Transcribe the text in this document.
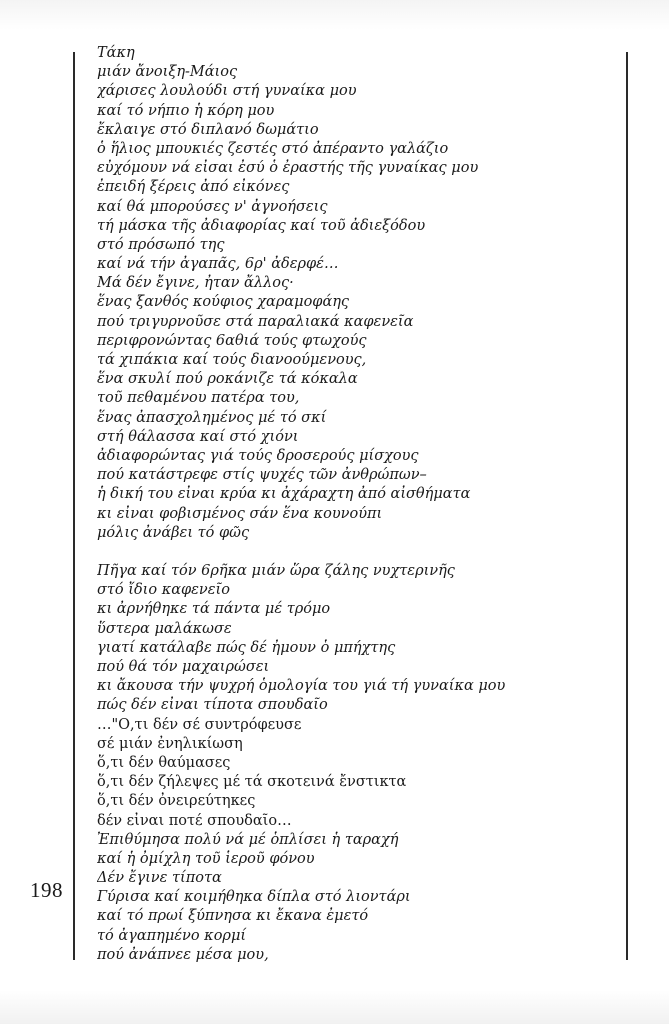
Τάκη
μιάν ἄνοιξη-Μάιος
χάρισες λουλούδι στή γυναίκα μου
καί τό νήπιο ἡ κόρη μου
ἔκλαιγε στό διπλανό δωμάτιο
ὁ ἥλιος μπουκιές ζεστές στό ἀπέραντο γαλάζιο
εὐχόμουν νά εἶσαι ἐσύ ὁ ἐραστής τῆς γυναίκας μου
ἐπειδή ξέρεις ἀπό εἰκόνες
καί θά μπορούσες ν' ἀγνοήσεις
τή μάσκα τῆς ἀδιαφορίας καί τοῦ ἀδιεξόδου
στό πρόσωπό της
καί νά τήν ἀγαπᾶς, 6ρ' ἀδερφέ…
Μά δέν ἔγινε, ἦταν ἄλλος·
ἕνας ξανθός κούφιος χαραμοφάης
πού τριγυρνοῦσε στά παραλιακά καφενεῖα
περιφρονώντας 6αθιά τούς φτωχούς
τά χιπάκια καί τούς διανοούμενους,
ἕνα σκυλί πού ροκάνιζε τά κόκαλα
τοῦ πεθαμένου πατέρα του,
ἕνας ἀπασχολημένος μέ τό σκί
στή θάλασσα καί στό χιόνι
ἀδιαφορώντας γιά τούς δροσερούς μίσχους
πού κατάστρεφε στίς ψυχές τῶν ἀνθρώπων–
ἡ δική του εἶναι κρύα κι ἀχάραχτη ἀπό αἰσθήματα
κι εἶναι φοβισμένος σάν ἕνα κουνούπι
μόλις ἀνάβει τό φῶς
Πῆγα καί τόν 6ρῆκα μιάν ὥρα ζάλης νυχτερινῆς
στό ἴδιο καφενεῖο
κι ἀρνήθηκε τά πάντα μέ τρόμο
ὕστερα μαλάκωσε
γιατί κατάλαβε πώς δέ ἦμουν ὁ μπήχτης
πού θά τόν μαχαιρώσει
κι ἄκουσα τήν ψυχρή ὁμολογία του γιά τή γυναίκα μου
πώς δέν εἶναι τίποτα σπουδαῖο
…"Ο,τι δέν σέ συντρόφευσε
σέ μιάν ἐνηλικίωση
ὅ,τι δέν θαύμασες
ὅ,τι δέν ζήλεψες μέ τά σκοτεινά ἔνστικτα
ὅ,τι δέν ὀνειρεύτηκες
δέν εἶναι ποτέ σπουδαῖο…
Ἐπιθύμησα πολύ νά μέ ὁπλίσει ἡ ταραχή
καί ἡ ὀμίχλη τοῦ ἱεροῦ φόνου
Δέν ἔγινε τίποτα
Γύρισα καί κοιμήθηκα δίπλα στό λιοντάρι
καί τό πρωί ξύπνησα κι ἔκανα ἐμετό
τό ἀγαπημένο κορμί
πού ἀνάπνεε μέσα μου,
198
